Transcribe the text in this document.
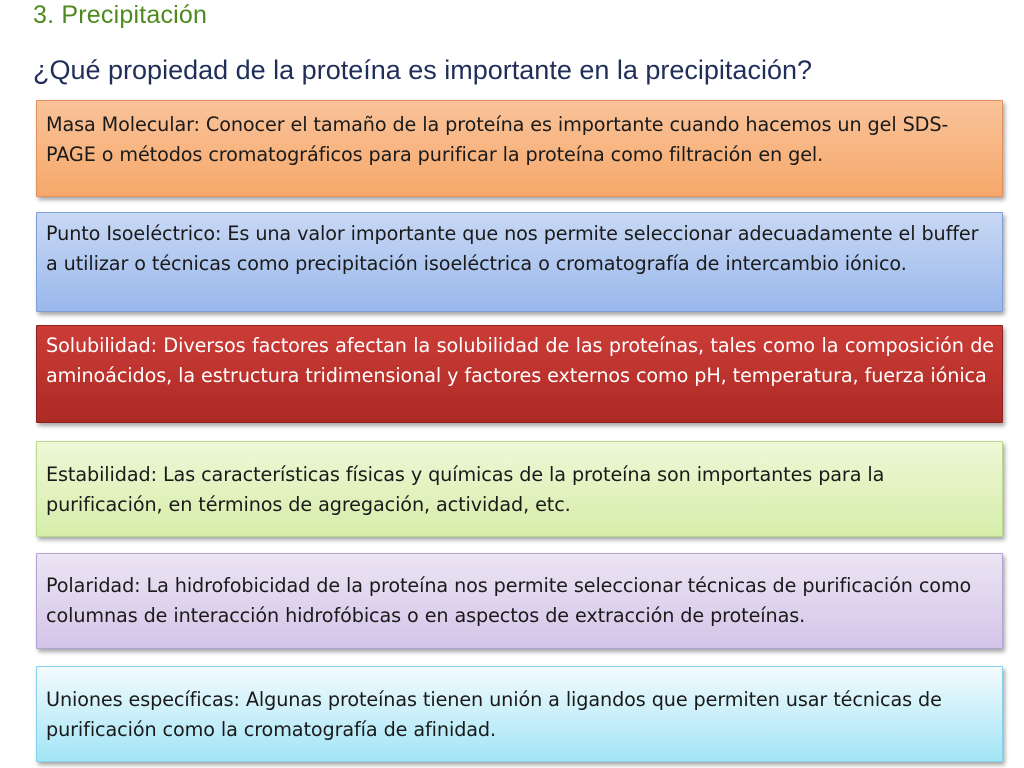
3. Precipitación
¿Qué propiedad de la proteína es importante en la precipitación?
Masa Molecular: Conocer el tamaño de la proteína es importante cuando hacemos un gel SDS-PAGE o métodos cromatográficos para purificar la proteína como filtración en gel.
Punto Isoeléctrico: Es una valor importante que nos permite seleccionar adecuadamente el buffer a utilizar o técnicas como precipitación isoeléctrica o cromatografía de intercambio iónico.
Solubilidad: Diversos factores afectan la solubilidad de las proteínas, tales como la composición de aminoácidos, la estructura tridimensional y factores externos como pH, temperatura, fuerza iónica
Estabilidad: Las características físicas y químicas de la proteína son importantes para la purificación, en términos de agregación, actividad, etc.
Polaridad: La hidrofobicidad de la proteína nos permite seleccionar técnicas de purificación como columnas de interacción hidrofóbicas o en aspectos de extracción de proteínas.
Uniones específicas: Algunas proteínas tienen unión a ligandos que permiten usar técnicas de purificación como la cromatografía de afinidad.
